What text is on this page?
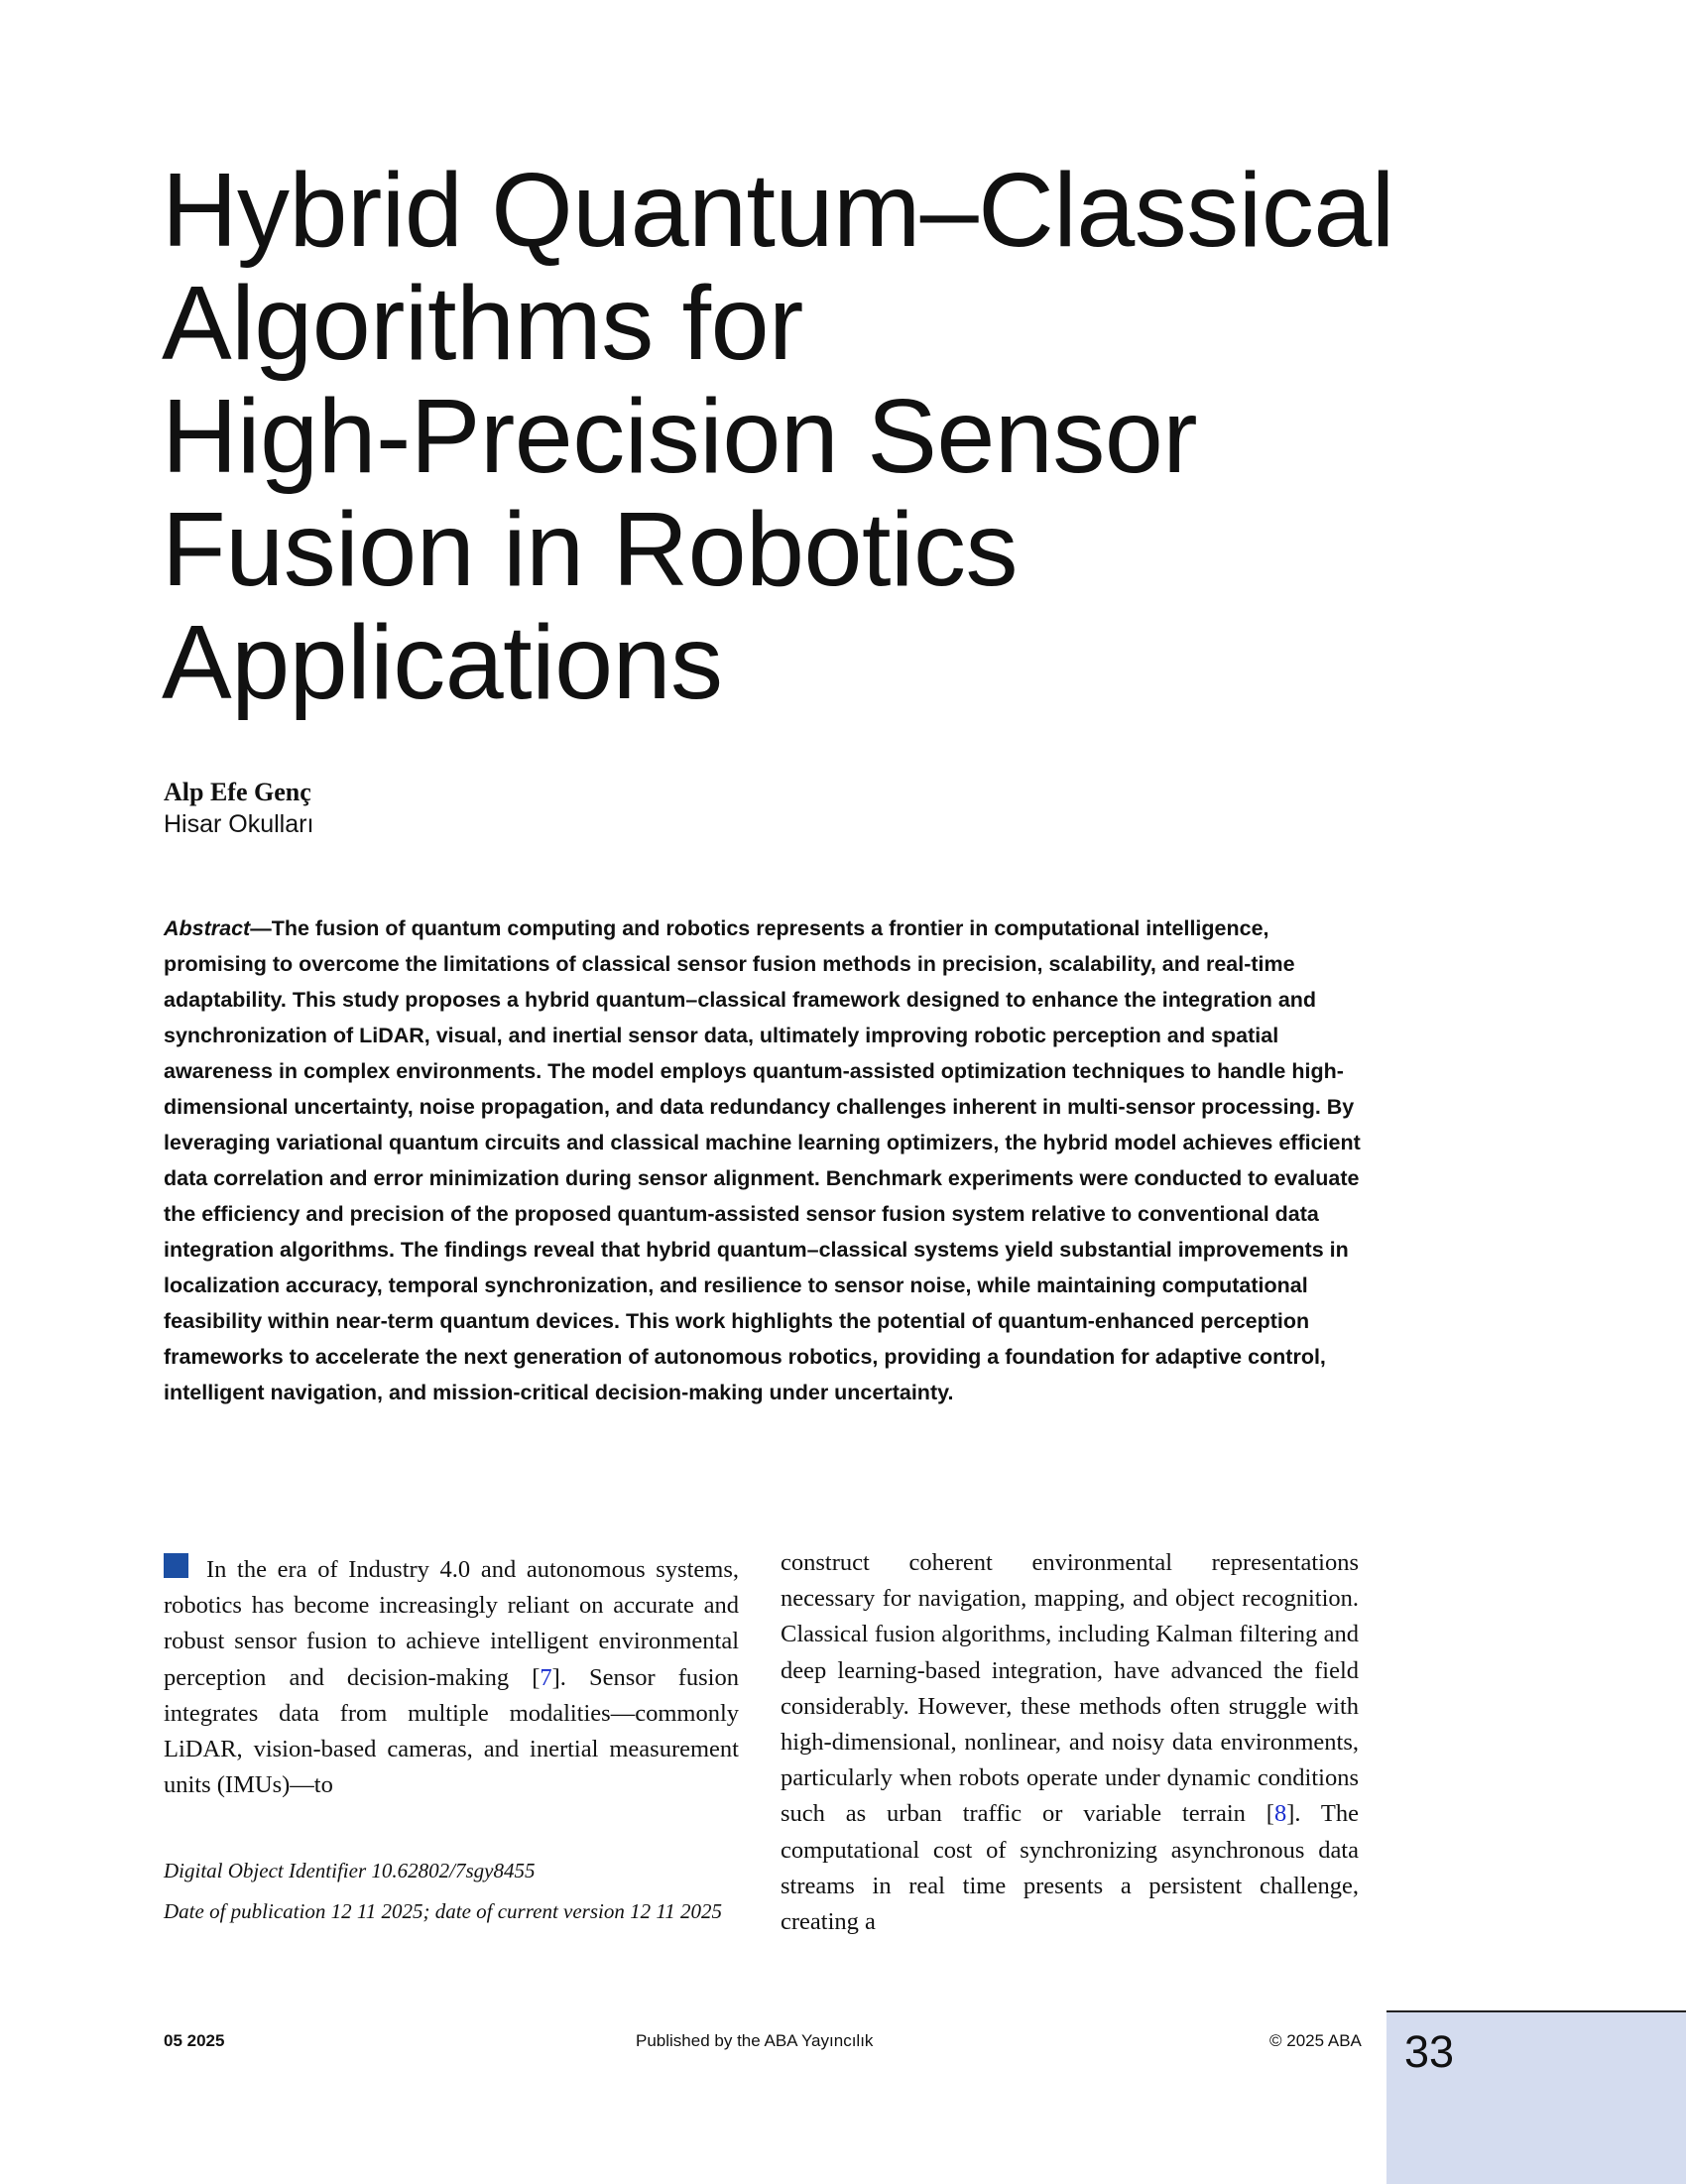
Hybrid Quantum–Classical
Algorithms for
High-Precision Sensor
Fusion in Robotics
Applications
Alp Efe Genç
Hisar Okulları

Abstract—The fusion of quantum computing and robotics represents a frontier in computational intelligence, promising to overcome the limitations of classical sensor fusion methods in precision, scalability, and real-time adaptability. This study proposes a hybrid quantum–classical framework designed to enhance the integration and synchronization of LiDAR, visual, and inertial sensor data, ultimately improving robotic perception and spatial awareness in complex environments. The model employs quantum-assisted optimization techniques to handle high-dimensional uncertainty, noise propagation, and data redundancy challenges inherent in multi-sensor processing. By leveraging variational quantum circuits and classical machine learning optimizers, the hybrid model achieves efficient data correlation and error minimization during sensor alignment. Benchmark experiments were conducted to evaluate the efficiency and precision of the proposed quantum-assisted sensor fusion system relative to conventional data integration algorithms. The findings reveal that hybrid quantum–classical systems yield substantial improvements in localization accuracy, temporal synchronization, and resilience to sensor noise, while maintaining computational feasibility within near-term quantum devices. This work highlights the potential of quantum-enhanced perception frameworks to accelerate the next generation of autonomous robotics, providing a foundation for adaptive control, intelligent navigation, and mission-critical decision-making under uncertainty.

In the era of Industry 4.0 and autonomous systems, robotics has become increasingly reliant on accurate and robust sensor fusion to achieve intelligent environmental perception and decision-making [7]. Sensor fusion integrates data from multiple modalities—commonly LiDAR, vision-based cameras, and inertial measurement units (IMUs)—to

construct coherent environmental representations necessary for navigation, mapping, and object recognition. Classical fusion algorithms, including Kalman filtering and deep learning-based integration, have advanced the field considerably. However, these methods often struggle with high-dimensional, nonlinear, and noisy data environments, particularly when robots operate under dynamic conditions such as urban traffic or variable terrain [8]. The computational cost of synchronizing asynchronous data streams in real time presents a persistent challenge, creating a

Digital Object Identifier 10.62802/7sgy8455

Date of publication 12 11 2025; date of current version 12 11 2025

05 2025	Published by the ABA Yayıncılık	© 2025 ABA 33
